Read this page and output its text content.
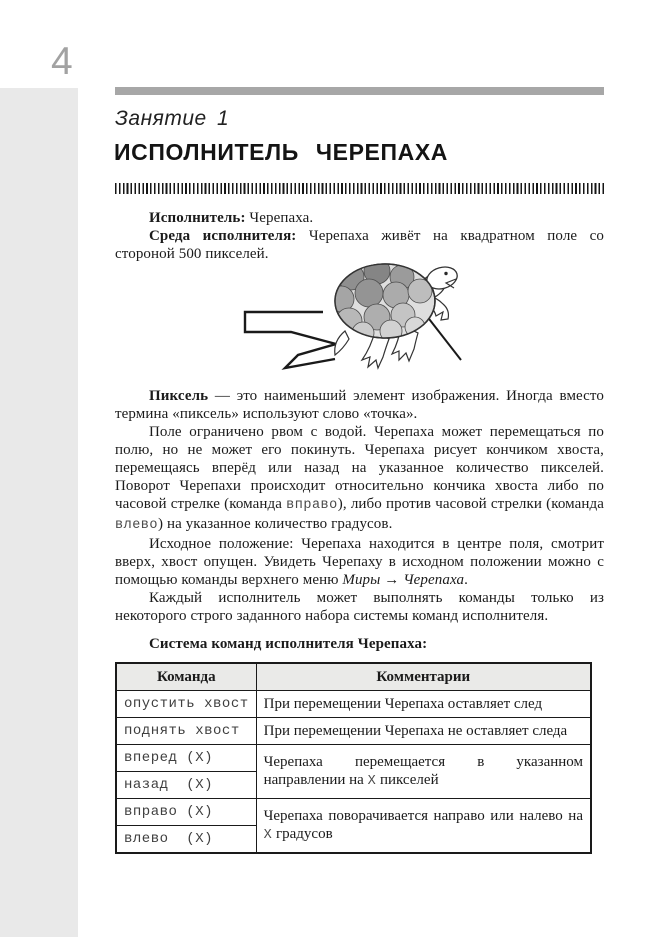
4
Занятие 1
ИСПОЛНИТЕЛЬ ЧЕРЕПАХА

Исполнитель: Черепаха.

Среда исполнителя: Черепаха живёт на квадратном поле со стороной 500 пикселей.

Пиксель — это наименьший элемент изображения. Иногда вместо термина «пиксель» используют слово «точка».

Поле ограничено рвом с водой. Черепаха может перемещаться по полю, но не может его покинуть. Черепаха рисует кончиком хвоста, перемещаясь вперёд или назад на указанное количество пикселей. Поворот Черепахи происходит относительно кончика хвоста либо по часовой стрелке (команда вправо), либо против часовой стрелки (команда влево) на указанное количество градусов.

Исходное положение: Черепаха находится в центре поля, смотрит вверх, хвост опущен. Увидеть Черепаху в исходном положении можно с помощью команды верхнего меню Миры → Черепаха.

Каждый исполнитель может выполнять команды только из некоторого строго заданного набора системы команд исполнителя.

Система команд исполнителя Черепаха:

Команда	Комментарии
опустить хвост	При перемещении Черепаха оставляет след
поднять хвост	При перемещении Черепаха не оставляет следа
вперед (X)	Черепаха перемещается в указанном направлении на X пикселей
назад  (X)	
вправо (X)	Черепаха поворачивается направо или налево на X градусов
влево  (X)	
